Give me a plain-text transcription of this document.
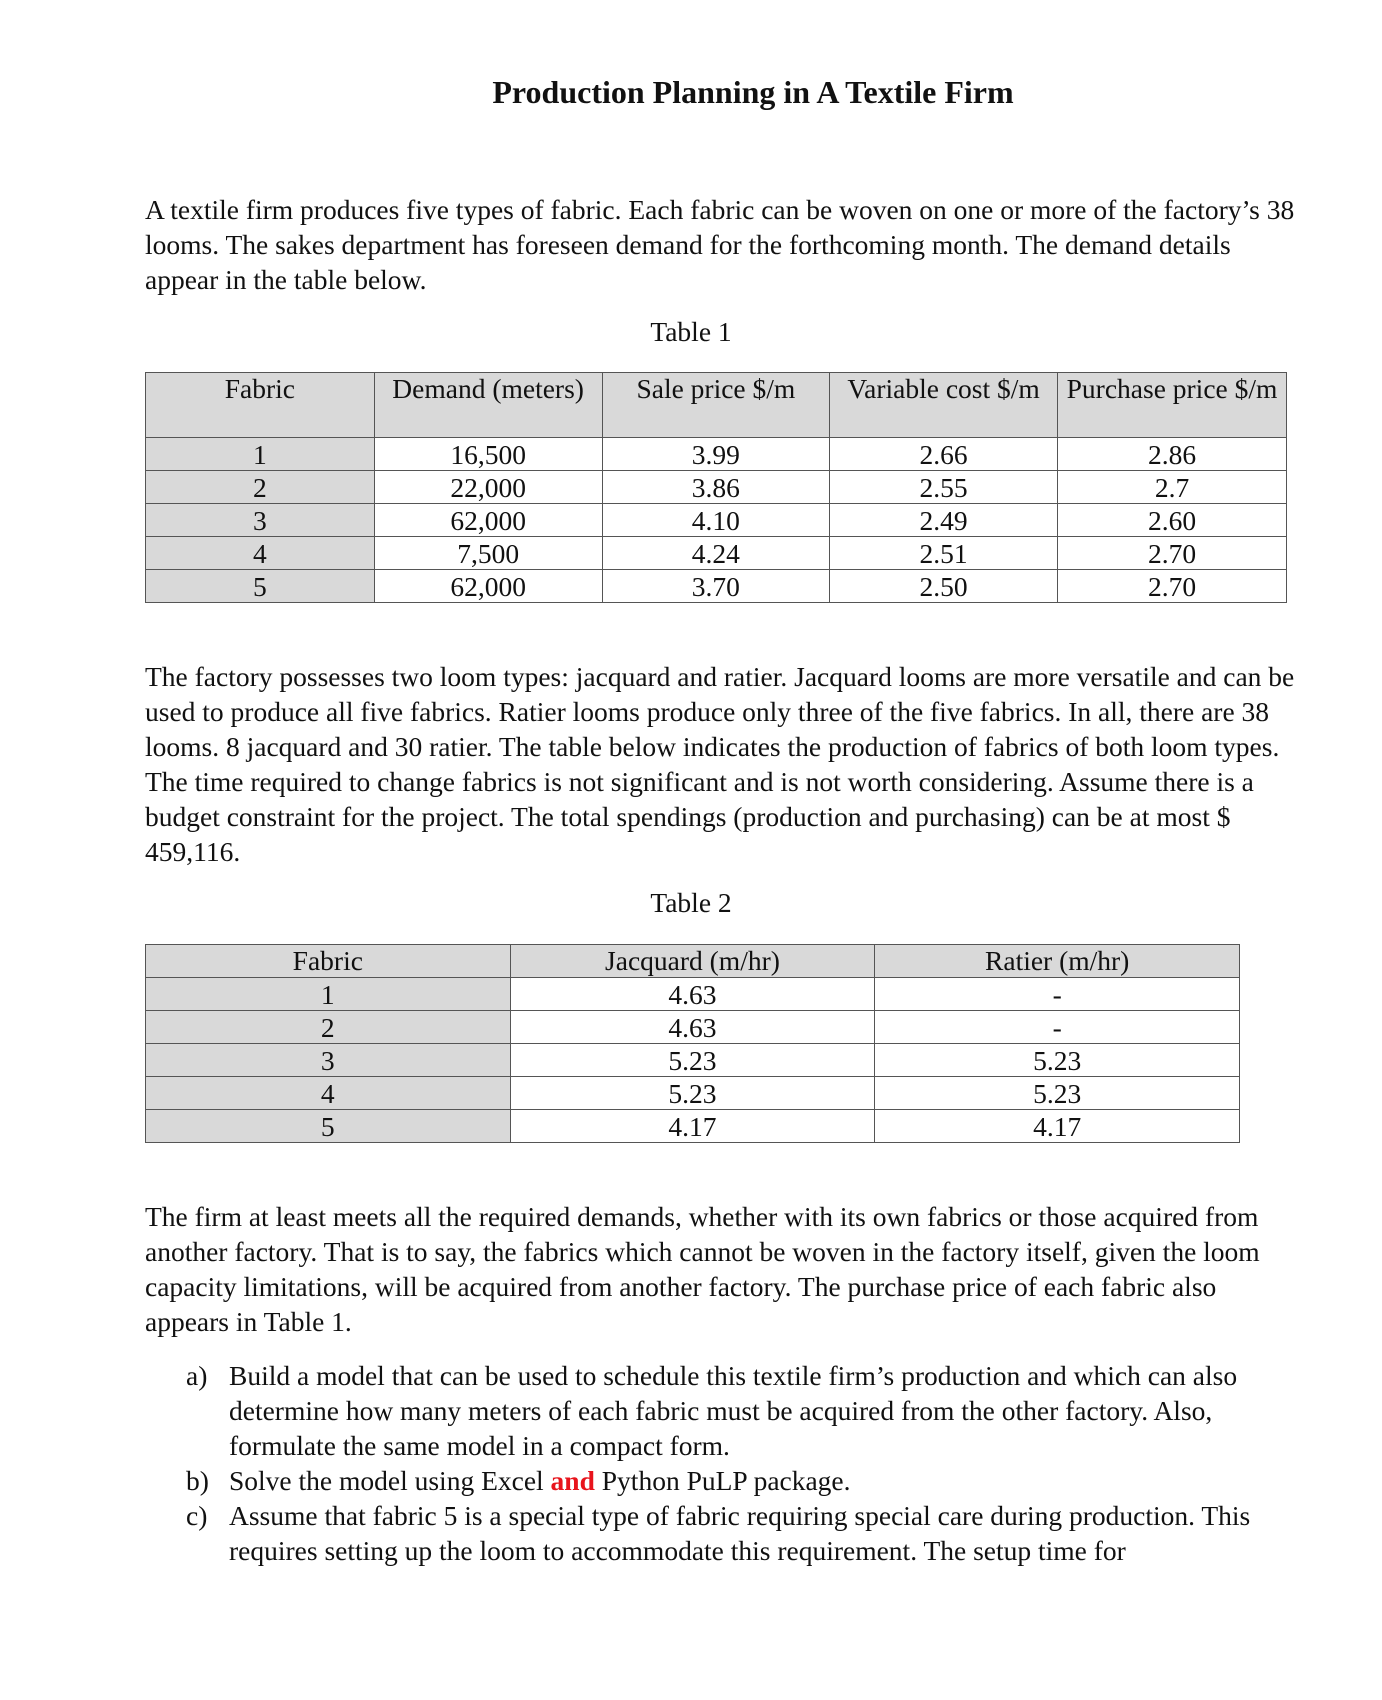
Production Planning in A Textile Firm
A textile firm produces five types of fabric. Each fabric can be woven on one or more of the factory’s 38 looms. The sakes department has foreseen demand for the forthcoming month. The demand details appear in the table below.
Table 1
Fabric	Demand (meters)	Sale price $/m	Variable cost $/m	Purchase price $/m
1	16,500	3.99	2.66	2.86
2	22,000	3.86	2.55	2.7
3	62,000	4.10	2.49	2.60
4	7,500	4.24	2.51	2.70
5	62,000	3.70	2.50	2.70
The factory possesses two loom types: jacquard and ratier. Jacquard looms are more versatile and can be used to produce all five fabrics. Ratier looms produce only three of the five fabrics. In all, there are 38 looms. 8 jacquard and 30 ratier. The table below indicates the production of fabrics of both loom types. The time required to change fabrics is not significant and is not worth considering. Assume there is a budget constraint for the project. The total spendings (production and purchasing) can be at most $ 459,116.
Table 2
Fabric	Jacquard (m/hr)	Ratier (m/hr)
1	4.63	-
2	4.63	-
3	5.23	5.23
4	5.23	5.23
5	4.17	4.17
The firm at least meets all the required demands, whether with its own fabrics or those acquired from another factory. That is to say, the fabrics which cannot be woven in the factory itself, given the loom capacity limitations, will be acquired from another factory. The purchase price of each fabric also appears in Table 1.
a) Build a model that can be used to schedule this textile firm’s production and which can also determine how many meters of each fabric must be acquired from the other factory. Also, formulate the same model in a compact form.
b) Solve the model using Excel and Python PuLP package.
c) Assume that fabric 5 is a special type of fabric requiring special care during production. This requires setting up the loom to accommodate this requirement. The setup time for
